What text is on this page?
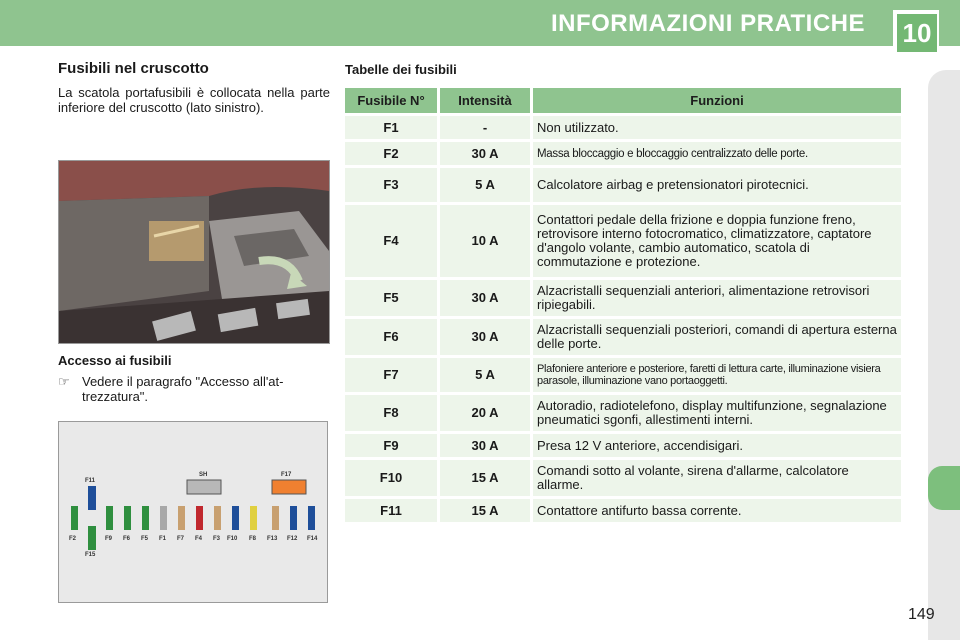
INFORMAZIONI PRATICHE 10
Fusibili nel cruscotto

La scatola portafusibili è collocata nella parte inferiore del cruscotto (lato sinistro).

Accesso ai fusibili
☞ Vedere il paragrafo "Accesso all'at- trezzatura".
F11
SH	F17
F2
F15
F9 F6 F5 F1 F7 F4 F3 F10 F8 F13 F12 F14
Tabelle dei fusibili
Fusibile N°	Intensità	Funzioni
F1	-	Non utilizzato.
F2	30 A	Massa bloccaggio e bloccaggio centralizzato delle porte.
F3	5 A	Calcolatore airbag e pretensionatori pirotecnici.
F4	10 A	Contattori pedale della frizione e doppia funzione freno, retrovisore interno fotocromatico, climatizzatore, captatore d'angolo volante, cambio automatico, scatola di commutazione e protezione.
F5	30 A	Alzacristalli sequenziali anteriori, alimentazione retrovisori ripiegabili.
F6	30 A	Alzacristalli sequenziali posteriori, comandi di apertura esterna delle porte.
F7	5 A	Plafoniere anteriore e posteriore, faretti di lettura carte, illuminazione visiera parasole, illuminazione vano portaoggetti.
F8	20 A	Autoradio, radiotelefono, display multifunzione, segnalazione pneumatici sgonfi, allestimenti interni.
F9	30 A	Presa 12 V anteriore, accendisigari.
F10	15 A	Comandi sotto al volante, sirena d'allarme, calcolatore allarme.
F11	15 A	Contattore antifurto bassa corrente.
149
